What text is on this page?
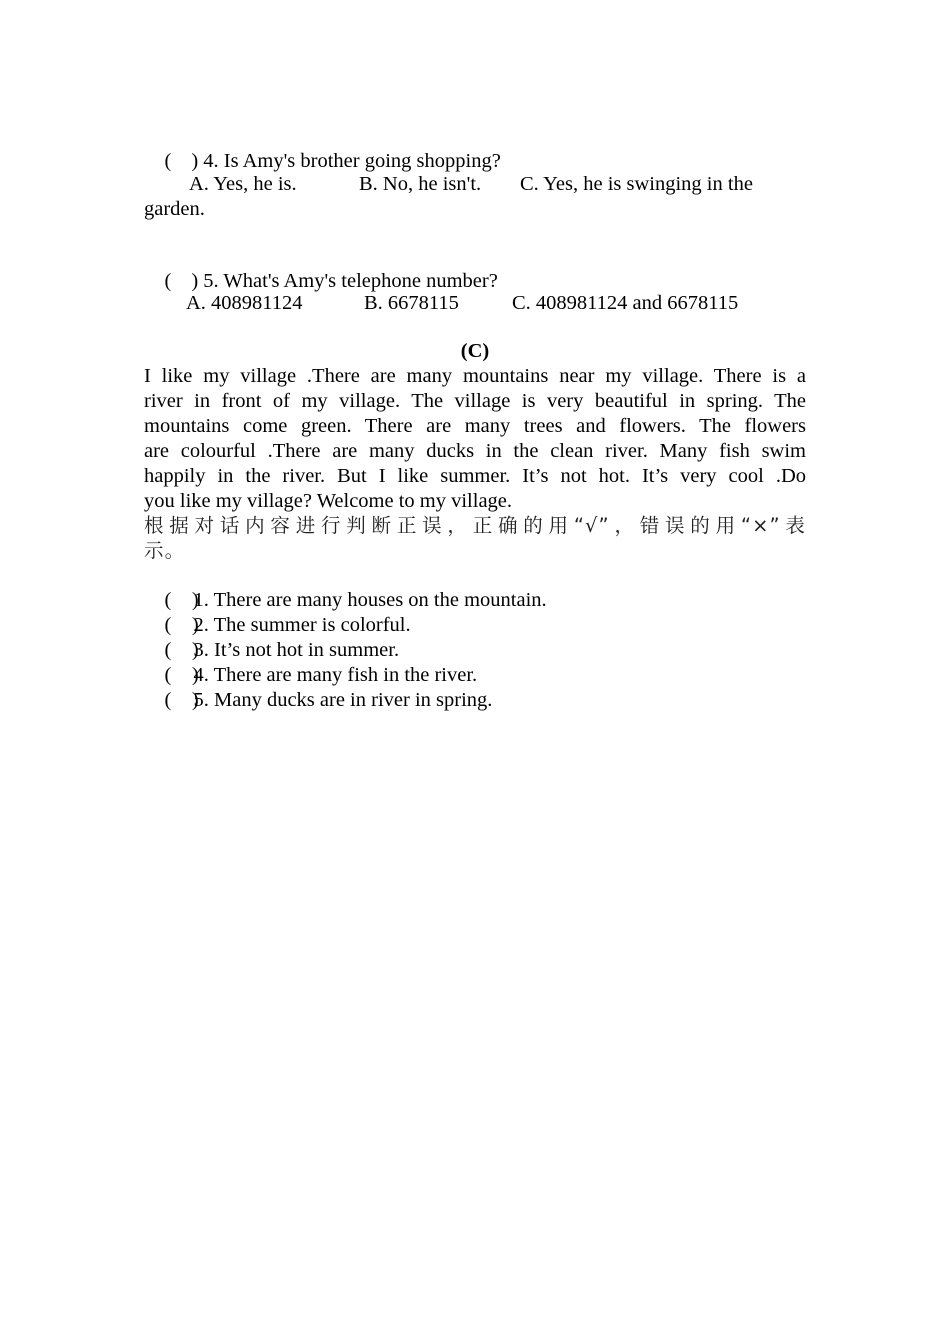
( ) 4. Is Amy's brother going shopping?

A. Yes, he is.	B. No, he isn't. C. Yes, he is swinging in the
garden.

( ) 5. What's Amy's telephone number?

A. 408981124	B. 6678115	C. 408981124 and 6678115
(C)
I like my village .There are many mountains near my village. There is a
river in front of my village. The village is very beautiful in spring. The
mountains come green. There are many trees and flowers. The flowers
are colourful .There are many ducks in the clean river. Many fish swim
happily in the river. But I like summer. It’s not hot. It’s very cool .Do
you like my village? Welcome to my village.
根据对话内容进行判断正误，正确的用“√”，错误的用“×”表
示。

(    )1. There are many houses on the mountain.

(    )2. The summer is colorful.

(    )3. It’s not hot in summer.

(    )4. There are many fish in the river.

(    )5. Many ducks are in river in spring.
